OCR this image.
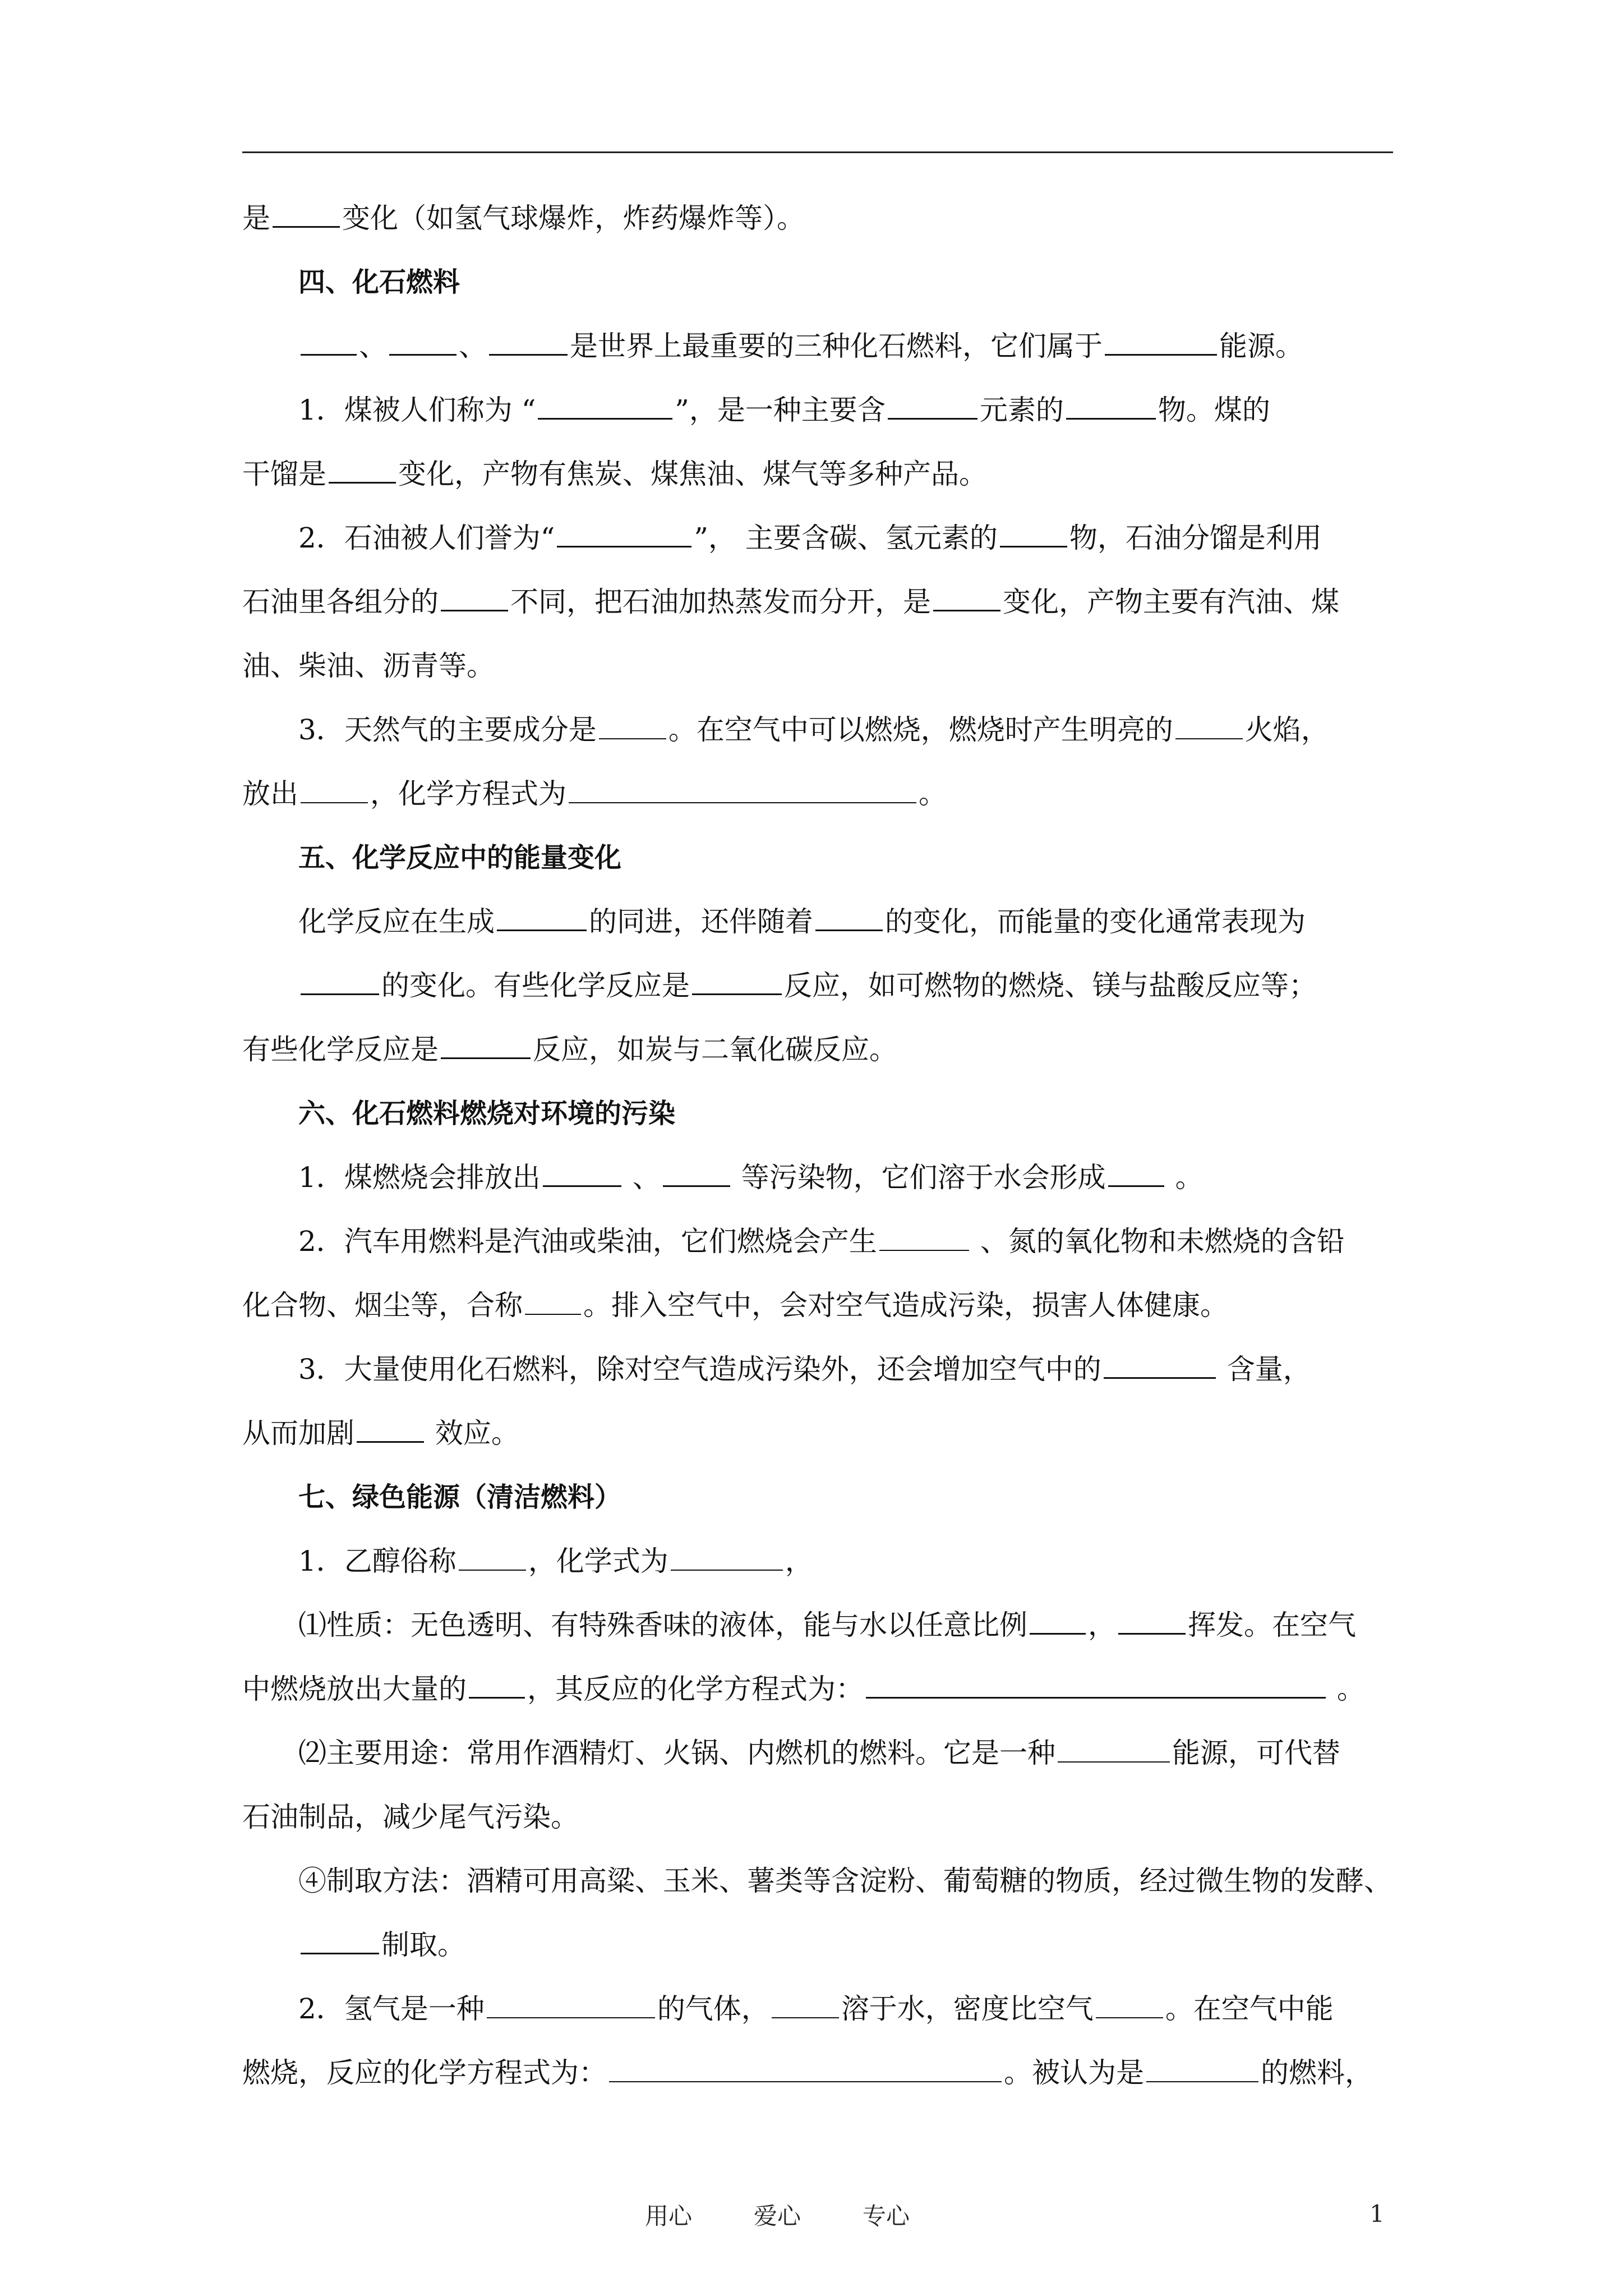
是	变化（如氢气球爆炸，炸药爆炸等）。
四、化石燃料
、	、	是世界上最重要的三种化石燃料，它们属于	能源。
1．煤被人们称为 “	”，是一种主要含	元素的	物。煤的
干馏是	变化，产物有焦炭、煤焦油、煤气等多种产品。
2．石油被人们誉为“	”， 主要含碳、氢元素的	物，石油分馏是利用
石油里各组分的	不同，把石油加热蒸发而分开，是	变化，产物主要有汽油、煤
油、柴油、沥青等。
3．天然气的主要成分是	。在空气中可以燃烧，燃烧时产生明亮的	火焰，
放出	，化学方程式为	。
五、化学反应中的能量变化
化学反应在生成	的同进，还伴随着	的变化，而能量的变化通常表现为
的变化。有些化学反应是	反应，如可燃物的燃烧、镁与盐酸反应等；
有些化学反应是	反应，如炭与二氧化碳反应。
六、化石燃料燃烧对环境的污染
1．煤燃烧会排放出	、	等污染物，它们溶于水会形成 。
2．汽车用燃料是汽油或柴油，它们燃烧会产生	、氮的氧化物和未燃烧的含铅
化合物、烟尘等，合称 。排入空气中，会对空气造成污染，损害人体健康。
3．大量使用化石燃料，除对空气造成污染外，还会增加空气中的	含量，
从而加剧	效应。
七、绿色能源（清洁燃料）
1．乙醇俗称	，化学式为	，
⑴性质：无色透明、有特殊香味的液体，能与水以任意比例 ，	挥发。在空气
中燃烧放出大量的 ，其反应的化学方程式为：	。
⑵主要用途：常用作酒精灯、火锅、内燃机的燃料。它是一种	能源，可代替
石油制品，减少尾气污染。
④制取方法：酒精可用高粱、玉米、薯类等含淀粉、葡萄糖的物质，经过微生物的发酵、
制取。
2．氢气是一种	的气体，	溶于水，密度比空气	。在空气中能
燃烧，反应的化学方程式为：	。被认为是	的燃料，
用心	爱心	专心	1
